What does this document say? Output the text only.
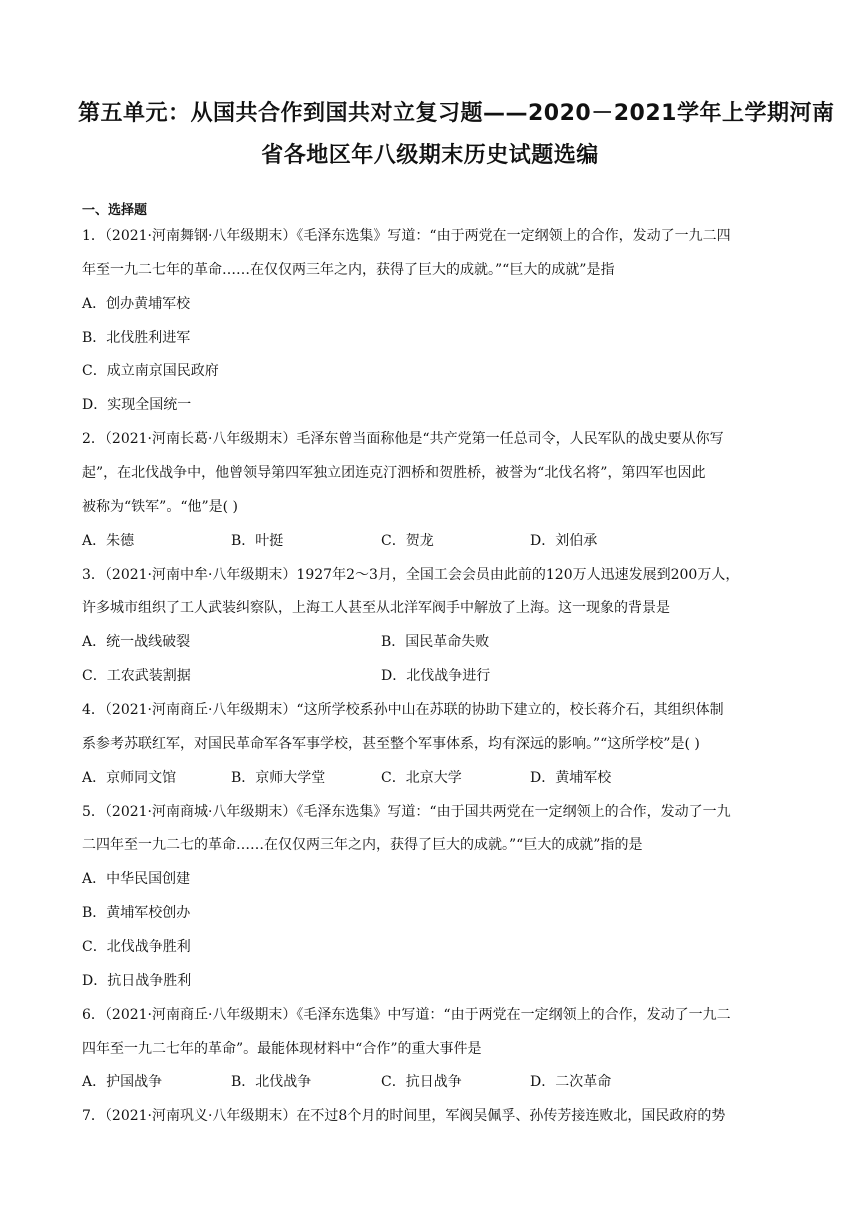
第五单元：从国共合作到国共对立复习题——2020－2021学年上学期河南
省各地区年八级期末历史试题选编
一、选择题
1．（2021·河南舞钢·八年级期末）《毛泽东选集》写道：“由于两党在一定纲领上的合作，发动了一九二四
年至一九二七年的革命……在仅仅两三年之内，获得了巨大的成就。”“巨大的成就”是指
A．创办黄埔军校
B．北伐胜利进军
C．成立南京国民政府
D．实现全国统一
2．（2021·河南长葛·八年级期末）毛泽东曾当面称他是“共产党第一任总司令，人民军队的战史要从你写
起”，在北伐战争中，他曾领导第四军独立团连克汀泗桥和贺胜桥，被誉为“北伐名将”，第四军也因此
被称为“铁军”。“他”是( )
A．朱德	B．叶挺	C．贺龙	D．刘伯承
3．（2021·河南中牟·八年级期末）1927年2～3月，全国工会会员由此前的120万人迅速发展到200万人，
许多城市组织了工人武装纠察队，上海工人甚至从北洋军阀手中解放了上海。这一现象的背景是
A．统一战线破裂	B．国民革命失败
C．工农武装割据	D．北伐战争进行
4．（2021·河南商丘·八年级期末）“这所学校系孙中山在苏联的协助下建立的，校长蒋介石，其组织体制
系参考苏联红军，对国民革命军各军事学校，甚至整个军事体系，均有深远的影响。”“这所学校”是( )
A．京师同文馆	B．京师大学堂	C．北京大学	D．黄埔军校
5．（2021·河南商城·八年级期末）《毛泽东选集》写道：“由于国共两党在一定纲领上的合作，发动了一九
二四年至一九二七的革命……在仅仅两三年之内，获得了巨大的成就。”“巨大的成就”指的是
A．中华民国创建
B．黄埔军校创办
C．北伐战争胜利
D．抗日战争胜利
6．（2021·河南商丘·八年级期末）《毛泽东选集》中写道：“由于两党在一定纲领上的合作，发动了一九二
四年至一九二七年的革命”。最能体现材料中“合作”的重大事件是
A．护国战争	B．北伐战争	C．抗日战争	D．二次革命
7．（2021·河南巩义·八年级期末）在不过8个月的时间里，军阀吴佩孚、孙传芳接连败北，国民政府的势
